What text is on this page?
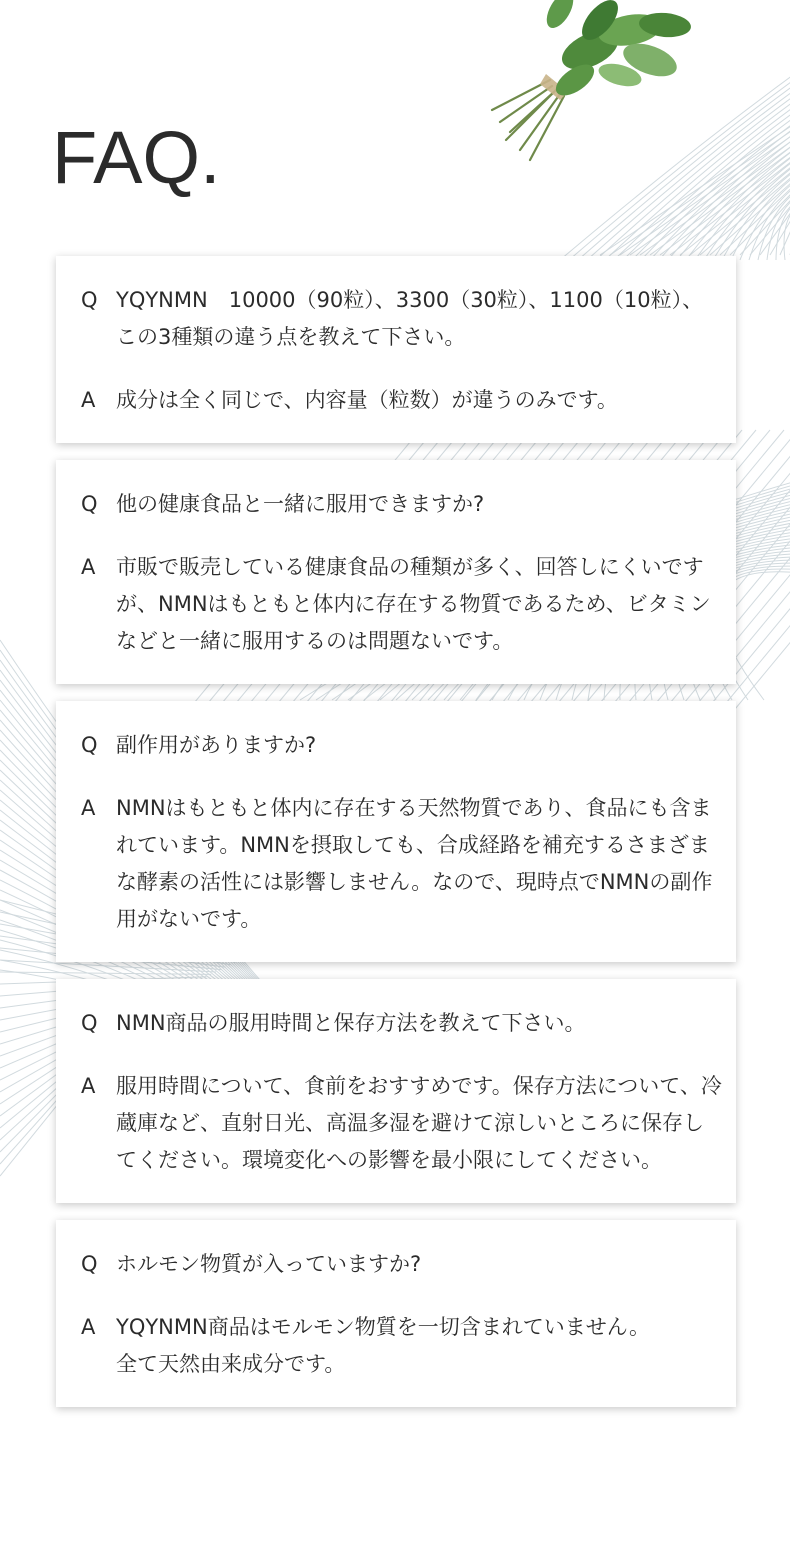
FAQ.
Q YQYNMN　10000（90粒）、3300（30粒）、1100（10粒）、この3種類の違う点を教えて下さい。
A 成分は全く同じで、内容量（粒数）が違うのみです。
Q 他の健康食品と一緒に服用できますか?
A 市販で販売している健康食品の種類が多く、回答しにくいですが、NMNはもともと体内に存在する物質であるため、ビタミンなどと一緒に服用するのは問題ないです。
Q 副作用がありますか?
A NMNはもともと体内に存在する天然物質であり、食品にも含まれています。NMNを摂取しても、合成経路を補充するさまざまな酵素の活性には影響しません。なので、現時点でNMNの副作用がないです。
Q NMN商品の服用時間と保存方法を教えて下さい。
A 服用時間について、食前をおすすめです。保存方法について、冷蔵庫など、直射日光、高温多湿を避けて涼しいところに保存してください。環境変化への影響を最小限にしてください。
Q ホルモン物質が入っていますか?
A YQYNMN商品はモルモン物質を一切含まれていません。
全て天然由来成分です。
